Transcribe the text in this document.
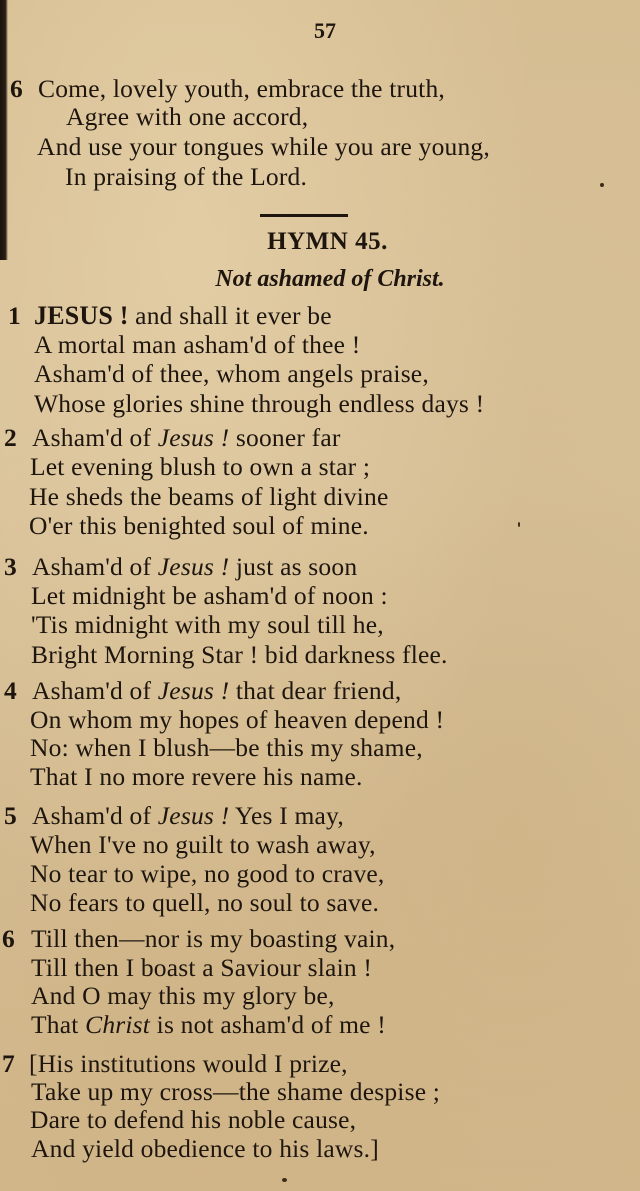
57
6 Come, lovely youth, embrace the truth,
Agree with one accord,
And use your tongues while you are young,
In praising of the Lord.
HYMN 45.
Not ashamed of Christ.
1 JESUS ! and shall it ever be
A mortal man asham'd of thee !
Asham'd of thee, whom angels praise,
Whose glories shine through endless days !
2 Asham'd of Jesus ! sooner far
Let evening blush to own a star ;
He sheds the beams of light divine
O'er this benighted soul of mine.
3 Asham'd of Jesus ! just as soon
Let midnight be asham'd of noon :
'Tis midnight with my soul till he,
Bright Morning Star ! bid darkness flee.
4 Asham'd of Jesus ! that dear friend,
On whom my hopes of heaven depend !
No: when I blush—be this my shame,
That I no more revere his name.
5 Asham'd of Jesus ! Yes I may,
When I've no guilt to wash away,
No tear to wipe, no good to crave,
No fears to quell, no soul to save.
6 Till then—nor is my boasting vain,
Till then I boast a Saviour slain !
And O may this my glory be,
That Christ is not asham'd of me !
7 [His institutions would I prize,
Take up my cross—the shame despise ;
Dare to defend his noble cause,
And yield obedience to his laws.]
